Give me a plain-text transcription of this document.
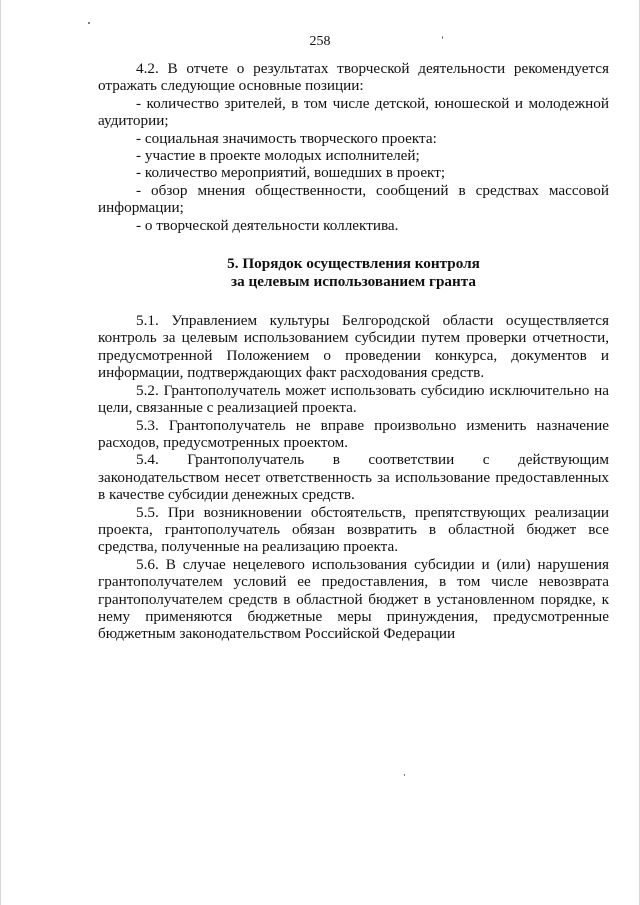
258

4.2. В отчете о результатах творческой деятельности рекомендуется отражать следующие основные позиции:

- количество зрителей, в том числе детской, юношеской и молодежной аудитории;

- социальная значимость творческого проекта:

- участие в проекте молодых исполнителей;

- количество мероприятий, вошедших в проект;

- обзор мнения общественности, сообщений в средствах массовой информации;

- о творческой деятельности коллектива.

5. Порядок осуществления контроля
за целевым использованием гранта

5.1. Управлением культуры Белгородской области осуществляется контроль за целевым использованием субсидии путем проверки отчетности, предусмотренной Положением о проведении конкурса, документов и информации, подтверждающих факт расходования средств.

5.2. Грантополучатель может использовать субсидию исключительно на цели, связанные с реализацией проекта.

5.3. Грантополучатель не вправе произвольно изменить назначение расходов, предусмотренных проектом.

5.4. Грантополучатель в соответствии с действующим законодательством несет ответственность за использование предоставленных в качестве субсидии денежных средств.

5.5. При возникновении обстоятельств, препятствующих реализации проекта, грантополучатель обязан возвратить в областной бюджет все средства, полученные на реализацию проекта.

5.6. В случае нецелевого использования субсидии и (или) нарушения грантополучателем условий ее предоставления, в том числе невозврата грантополучателем средств в областной бюджет в установленном порядке, к нему применяются бюджетные меры принуждения, предусмотренные бюджетным законодательством Российской Федерации
